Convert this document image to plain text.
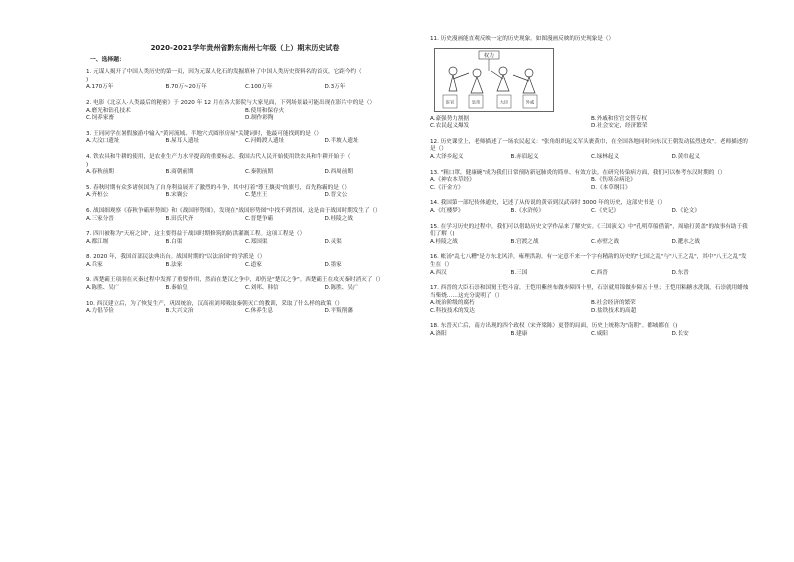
2020-2021学年贵州省黔东南州七年级（上）期末历史试卷
一、选择题：
1. 元谋人揭开了中国人类历史的第一页，因为元谋人化石的发掘填补了中国人类历史资料名的首页，它距今约（
)
A.170万年	B.70万~20万年	C.100万年	D.3万年
2. 电影《北京人·人类最后的秘密》于 2020 年 12 月在各大影院与大家见面，下列场景最可能出现在影片中的是（）
A.磨光和钻孔技术	B.使用和保存火
C.饲养家畜	D.制作彩陶
3. 王同同学在暑假旅游中输入"黄河流域、半地穴式圆形房屋"关键词时，他最可能找到的是（）
A.大汶口遗址	B.屋耳人遗址	C.河姆渡人遗址	D.半坡人遗址
4. 铁农具和牛耕的使用，是农业生产力水平提高的重要标志。我国古代人民开始使用铁农具和牛耕开始于（
)
A.春秋前期	B.商朝前期	C.秦朝前期	D.西周前期
5. 春秋时期有众多诸侯国为了自身利益展开了激烈的斗争，其中打着"尊王攘夷"的旗号，首先称霸的是（）
A.齐桓公	B.宋襄公	C.楚庄王	D.晋文公
6. 战国细观察《春秋争霸形势图》和《战国形势图》，发现在"战国形势图"中找不到晋国，这是由于战国时期发生了（）
A.三家分晋	B.田氏代齐	C.晋楚争霸	D.桂陵之战
7. 四川被称为"天府之国"，这主要得益于战国时期修筑的防洪灌溉工程。这项工程是（）
A.都江堰	B.白渠	C.郑国渠	D.灵渠
8. 2020 年，我国首部民法典出台。战国时期的"以法治国"的学派是（）
A.兵家	B.法家	C.道家	D.墨家
9. 西楚霸王项羽在灭秦过程中发挥了重要作用，然而在楚汉之争中，却仍是"楚汉之争"。西楚霸王在攻灭秦时消灭了（）
A.陈胜、吴广	B.秦始皇	C.刘邦、韩信	D.陈胜、吴广
10. 西汉建立后，为了恢复生产，巩固统治，汉高祖刘邦吸取秦朝灭亡的教训，采取了什么样的政策（）
A.力倡节俭	B.大兴文治	C.休养生息	D.平叛削藩
11. 历史漫画能直观反映一定的历史现象。如图漫画反映的历史现象是（）
权力
宦官	皇帝	大臣	外戚
A.豪强势力割据	B.外戚和宦官交替专权
C.农民起义爆发	D.社会安定，经济繁荣
12. 历史课堂上，老师描述了一场农民起义："张角组织起义军头裹黄巾，在全国各地同时向东汉王朝发动猛烈进攻"。老师描述的是（）
A.大泽乡起义	B.赤眉起义	C.绿林起义	D.黄巾起义
13. "粗口罩，健康碗"成为我们日常预防新冠肺炎的简单、有效方法。在研究传染病方面，我们可以参考东汉时期的（）
A.《神农本草经》	B.《伤寒杂病论》
C.《汗金方》	D.《本草纲目》
14. 我国第一部纪传体通史，记述了从传说的黄帝到汉武帝时 3000 年的历史，这部史书是（）
A.《红楼梦》	B.《水浒传》	C.《史记》	D.《论文》
15. 在学习历史的过程中，我们可以借助历史文学作品来了解史实。《三国演义》中"孔明草船借箭"，周瑜打黄盖"的故事有助于我们了解（)
A.桂陵之战	B.官渡之战	C.赤壁之战	D.淝水之战
16. 帐汤"乱七八糟"是方东北风洋，雍理洪韵。有一定意不来一个字有精韵的历史的"七国之乱"与"八王之乱"，其中"八王之乱"发生在（）
A.西汉	B.三国	C.西晋	D.东晋
17. 西晋的大臣石崇和国舅王恺斗富，王恺用紫丝布做步障四十里，石崇就用锦做步障五十里；王恺用粘糖水洗锅，石崇就用蜡烛当柴烧……这充分说明了（）
A.统治阶级的腐朽	B.社会经济的繁荣
C.科技技术的发达	D.盐铁技术的高超
18. 东晋灭亡后，南方出现的四个政权（宋齐梁陈）更替的局面，历史上统称为"南朝"。都城都在（)
A.洛阳	B.建康	C.咸阳	D.长安
